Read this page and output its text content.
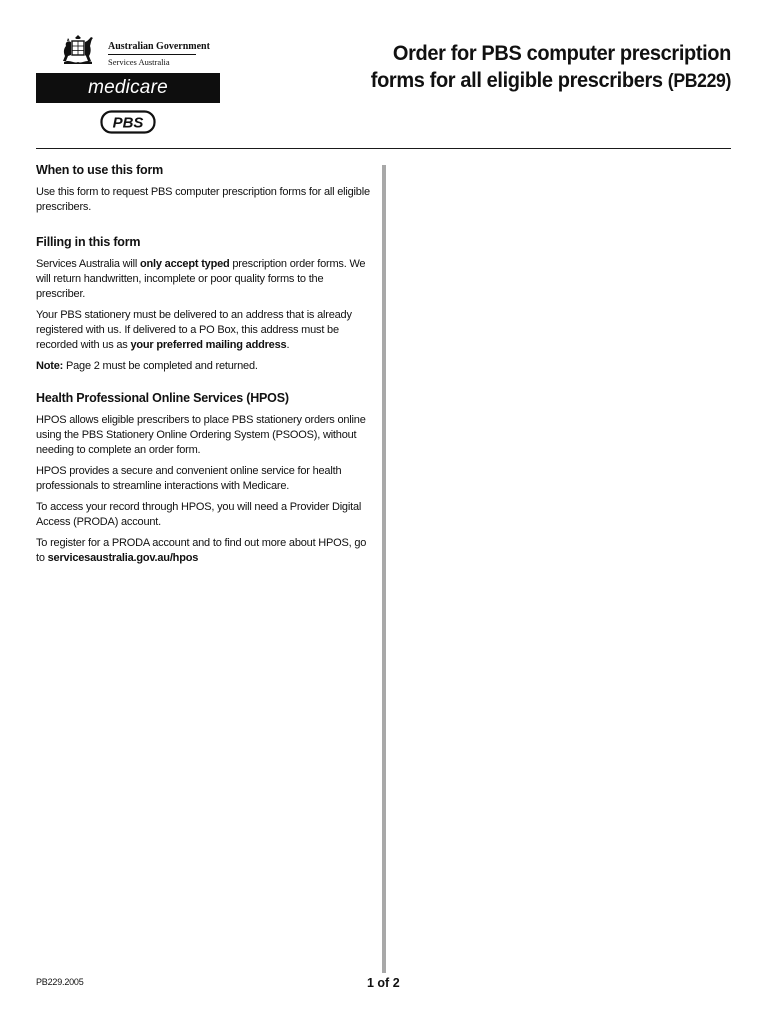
Australian Government
Services Australia
medicare
PBS
Order for PBS computer prescription
forms for all eligible prescribers (PB229)
When to use this form
Use this form to request PBS computer prescription forms for all eligible prescribers.
Filling in this form
Services Australia will only accept typed prescription order forms. We will return handwritten, incomplete or poor quality forms to the prescriber.
Your PBS stationery must be delivered to an address that is already registered with us. If delivered to a PO Box, this address must be recorded with us as your preferred mailing address.
Note: Page 2 must be completed and returned.
Health Professional Online Services (HPOS)
HPOS allows eligible prescribers to place PBS stationery orders online using the PBS Stationery Online Ordering System (PSOOS), without needing to complete an order form.
HPOS provides a secure and convenient online service for health professionals to streamline interactions with Medicare.
To access your record through HPOS, you will need a Provider Digital Access (PRODA) account.
To register for a PRODA account and to find out more about HPOS, go to servicesaustralia.gov.au/hpos
PB229.2005	1 of 2
